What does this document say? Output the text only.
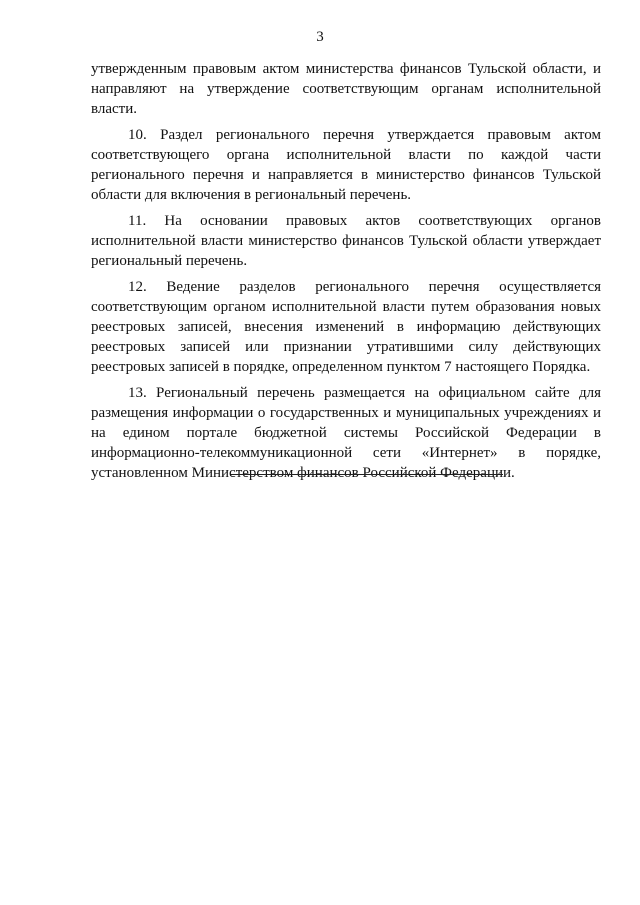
3

утвержденным правовым актом министерства финансов Тульской области, и направляют на утверждение соответствующим органам исполнительной власти.

10. Раздел регионального перечня утверждается правовым актом соответствующего органа исполнительной власти по каждой части регионального перечня и направляется в министерство финансов Тульской области для включения в региональный перечень.

11. На основании правовых актов соответствующих органов исполнительной власти министерство финансов Тульской области утверждает региональный перечень.

12. Ведение разделов регионального перечня осуществляется соответствующим органом исполнительной власти путем образования новых реестровых записей, внесения изменений в информацию действующих реестровых записей или признании утратившими силу действующих реестровых записей в порядке, определенном пунктом 7 настоящего Порядка.

13. Региональный перечень размещается на официальном сайте для размещения информации о государственных и муниципальных учреждениях и на едином портале бюджетной системы Российской Федерации в информационно-телекоммуникационной сети «Интернет» в порядке, установленном Министерством финансов Российской Федерации.
